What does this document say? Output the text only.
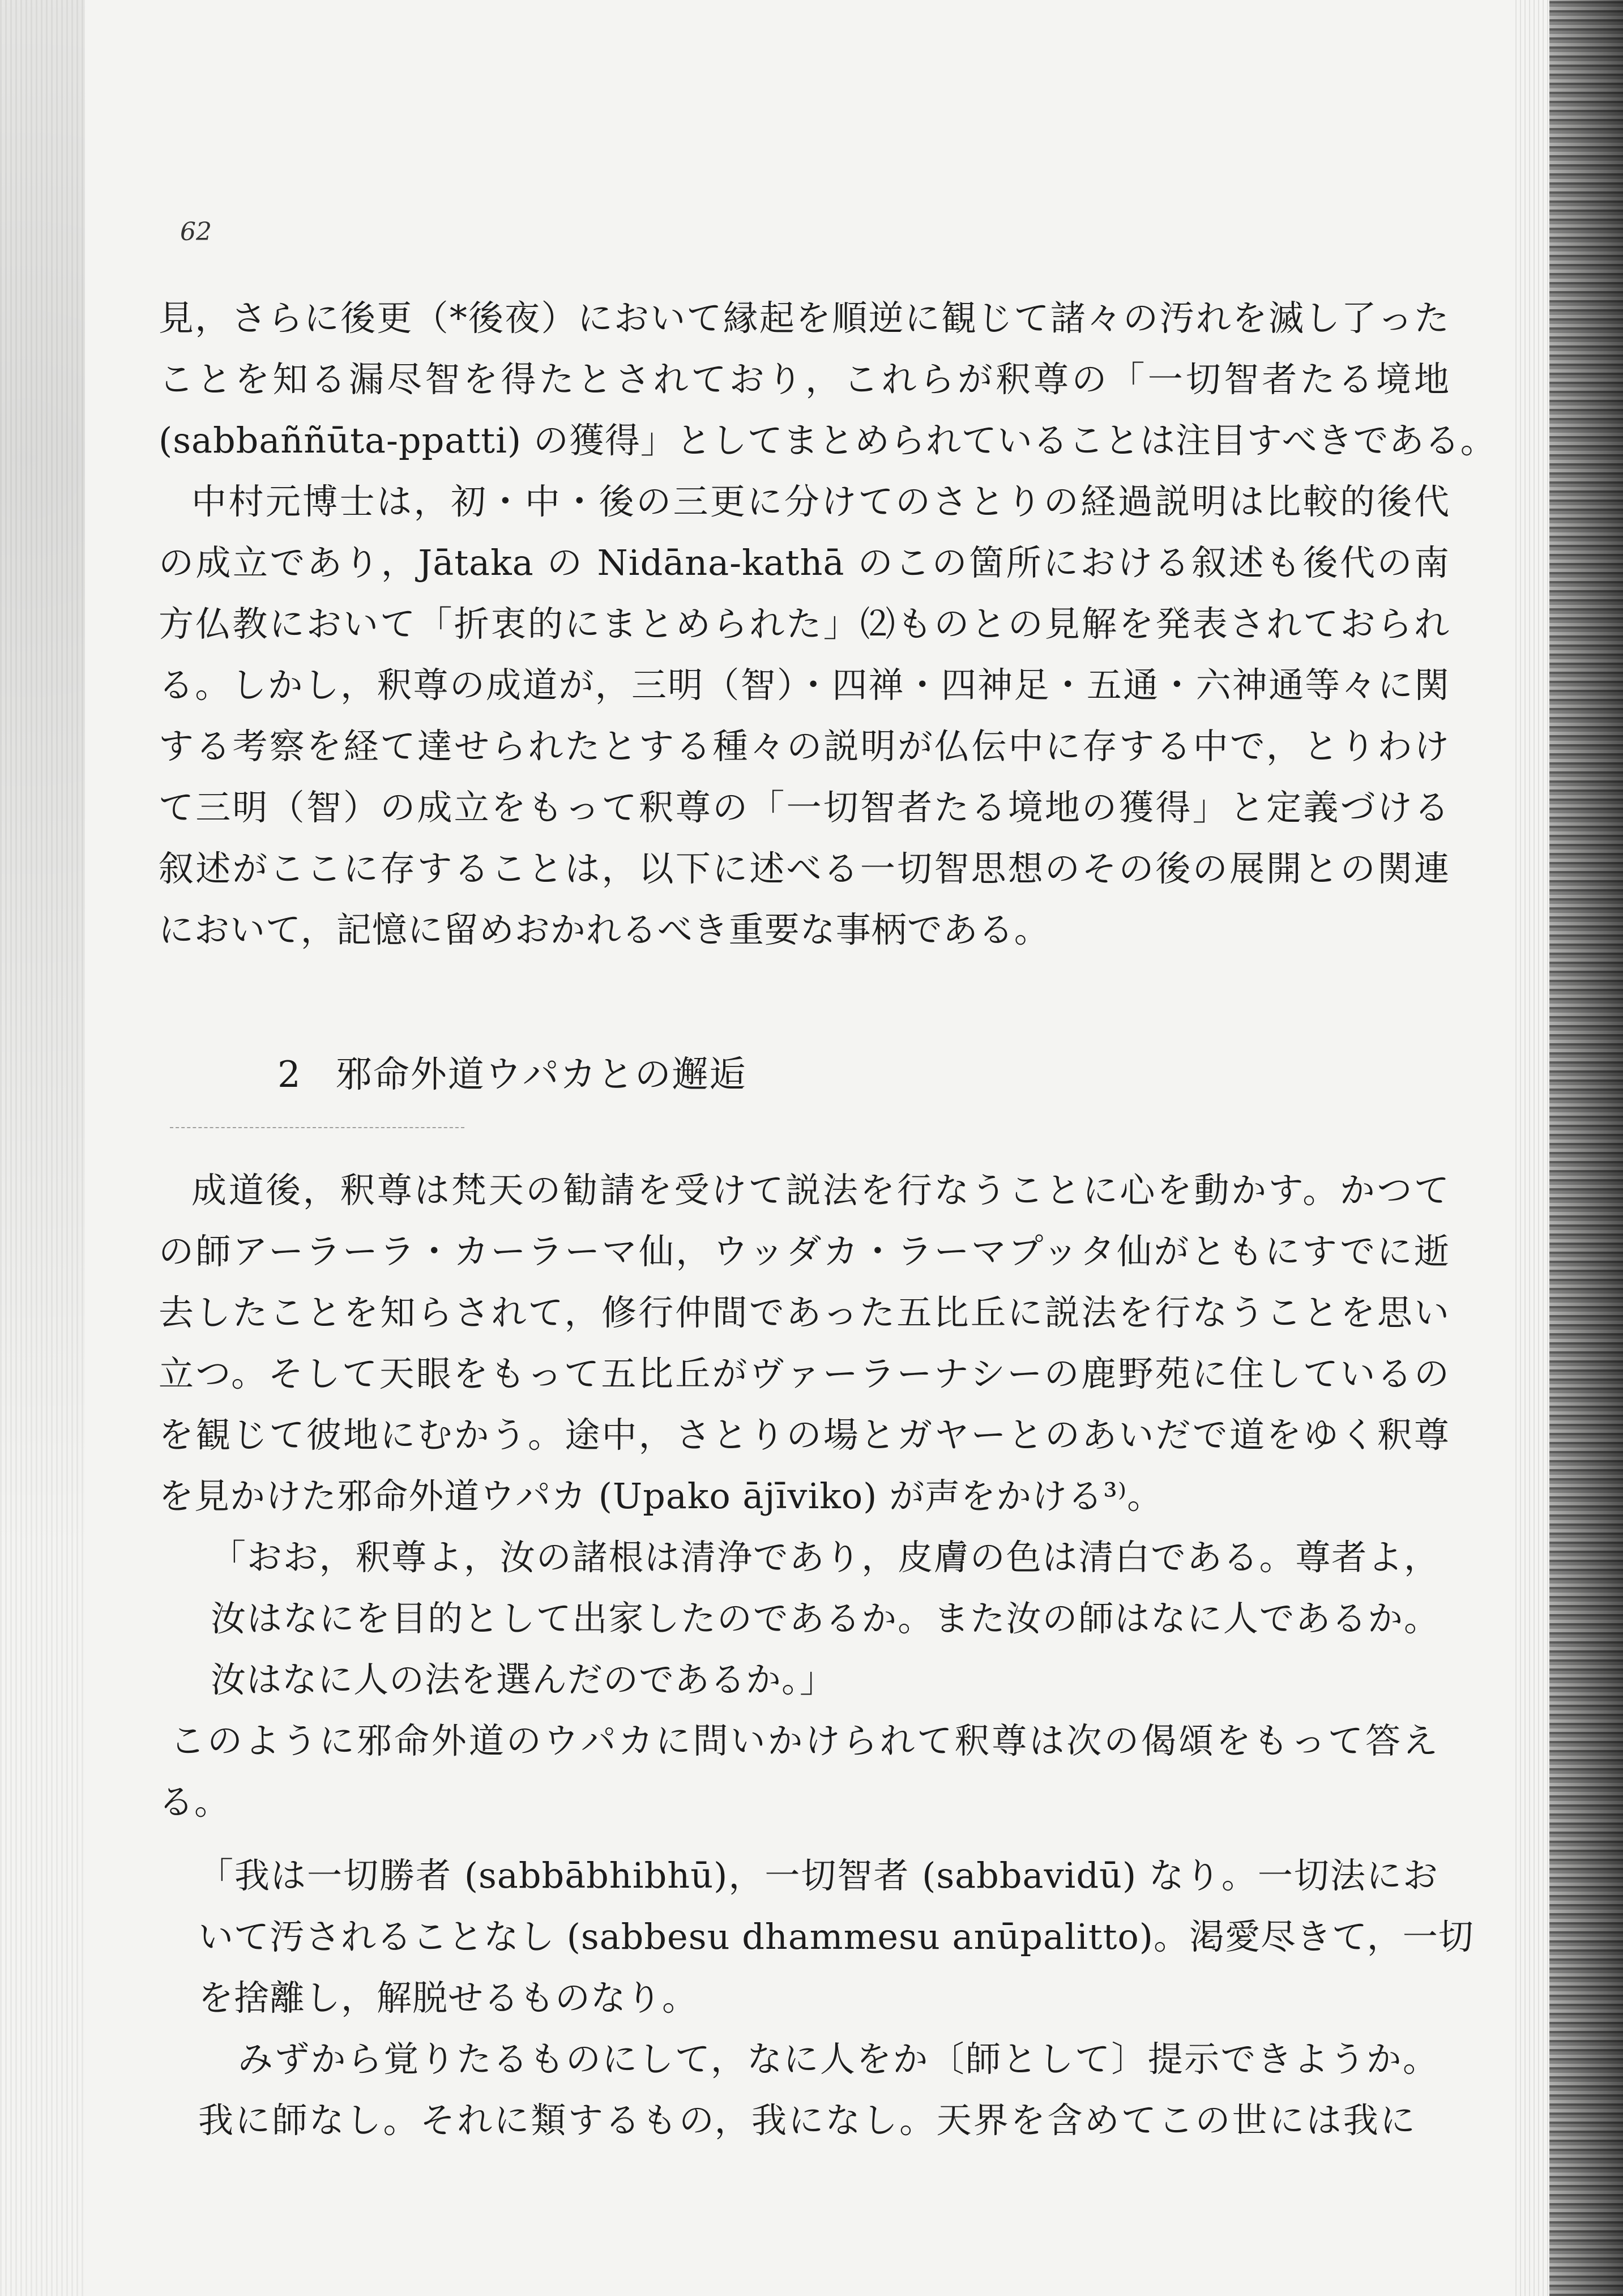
62
見，さらに後更（*後夜）において縁起を順逆に観じて諸々の汚れを滅し了った
ことを知る漏尽智を得たとされており，これらが釈尊の「一切智者たる境地
(sabbaññūta-ppatti) の獲得」としてまとめられていることは注目すべきである。
中村元博士は，初・中・後の三更に分けてのさとりの経過説明は比較的後代
の成立であり，Jātaka の Nidāna-kathā のこの箇所における叙述も後代の南
方仏教において「折衷的にまとめられた」⑵ものとの見解を発表されておられ
る。しかし，釈尊の成道が，三明（智）・四禅・四神足・五通・六神通等々に関
する考察を経て達せられたとする種々の説明が仏伝中に存する中で，とりわけ
て三明（智）の成立をもって釈尊の「一切智者たる境地の獲得」と定義づける
叙述がここに存することは，以下に述べる一切智思想のその後の展開との関連
において，記憶に留めおかれるべき重要な事柄である。
2 邪命外道ウパカとの邂逅
成道後，釈尊は梵天の勧請を受けて説法を行なうことに心を動かす。かつて
の師アーラーラ・カーラーマ仙，ウッダカ・ラーマプッタ仙がともにすでに逝
去したことを知らされて，修行仲間であった五比丘に説法を行なうことを思い
立つ。そして天眼をもって五比丘がヴァーラーナシーの鹿野苑に住しているの
を観じて彼地にむかう。途中，さとりの場とガヤーとのあいだで道をゆく釈尊
を見かけた邪命外道ウパカ (Upako ājīviko) が声をかける³⁾。
「おお，釈尊よ，汝の諸根は清浄であり，皮膚の色は清白である。尊者よ，
汝はなにを目的として出家したのであるか。また汝の師はなに人であるか。
汝はなに人の法を選んだのであるか。」
このように邪命外道のウパカに問いかけられて釈尊は次の偈頌をもって答え
る。
「我は一切勝者 (sabbābhibhū)，一切智者 (sabbavidū) なり。一切法にお
いて汚されることなし (sabbesu dhammesu anūpalitto)。渇愛尽きて，一切
を捨離し，解脱せるものなり。
みずから覚りたるものにして，なに人をか〔師として〕提示できようか。
我に師なし。それに類するもの，我になし。天界を含めてこの世には我に
